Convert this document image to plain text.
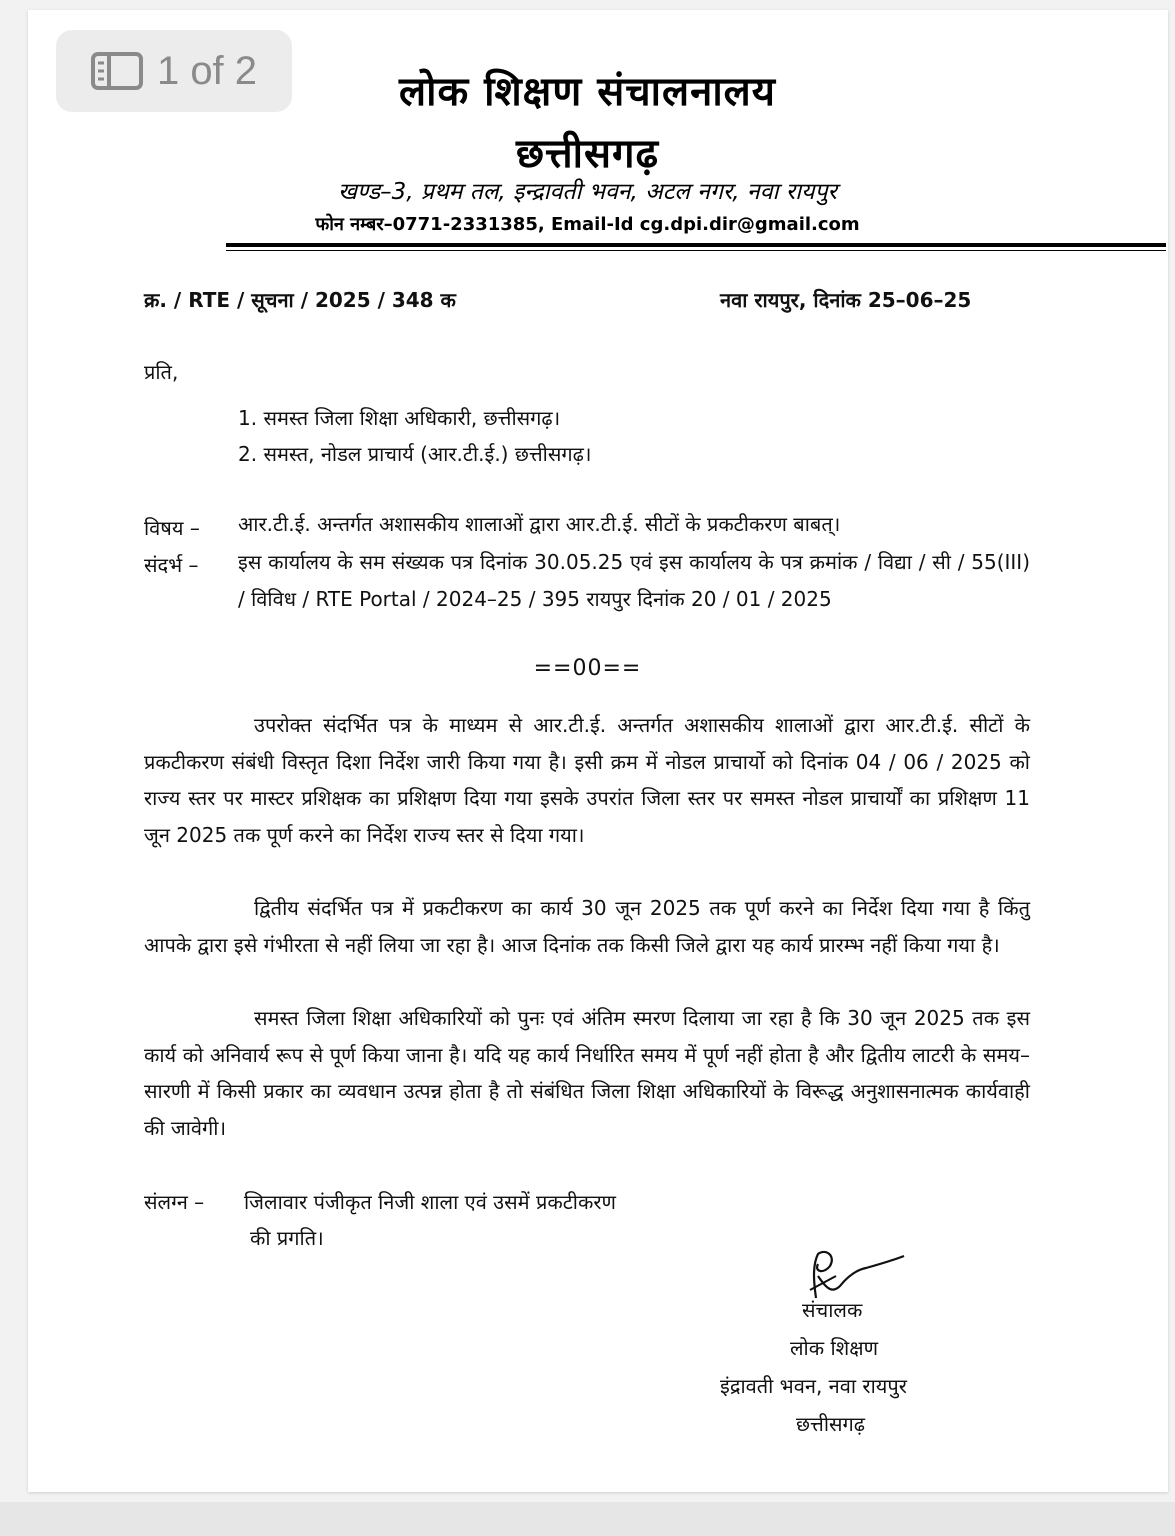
1 of 2	लोक शिक्षण संचालनालय
छत्तीसगढ़
खण्ड–3, प्रथम तल, इन्द्रावती भवन, अटल नगर, नवा रायपुर
फोन नम्बर–0771-2331385, Email-Id cg.dpi.dir@gmail.com
क्र. / RTE / सूचना / 2025 / 348 क	नवा रायपुर, दिनांक 25–06–25
प्रति,
1. समस्त जिला शिक्षा अधिकारी, छत्तीसगढ़।
2. समस्त, नोडल प्राचार्य (आर.टी.ई.) छत्तीसगढ़।
विषय – आर.टी.ई. अन्तर्गत अशासकीय शालाओं द्वारा आर.टी.ई. सीटों के प्रकटीकरण बाबत्।
संदर्भ – इस कार्यालय के सम संख्यक पत्र दिनांक 30.05.25 एवं इस कार्यालय के पत्र क्रमांक / विद्या / सी / 55(III) / विविध / RTE Portal / 2024–25 / 395 रायपुर दिनांक 20 / 01 / 2025
==00==
उपरोक्त संदर्भित पत्र के माध्यम से आर.टी.ई. अन्तर्गत अशासकीय शालाओं द्वारा आर.टी.ई. सीटों के प्रकटीकरण संबंधी विस्तृत दिशा निर्देश जारी किया गया है। इसी क्रम में नोडल प्राचार्यो को दिनांक 04 / 06 / 2025 को राज्य स्तर पर मास्टर प्रशिक्षक का प्रशिक्षण दिया गया इसके उपरांत जिला स्तर पर समस्त नोडल प्राचार्यों का प्रशिक्षण 11 जून 2025 तक पूर्ण करने का निर्देश राज्य स्तर से दिया गया।
द्वितीय संदर्भित पत्र में प्रकटीकरण का कार्य 30 जून 2025 तक पूर्ण करने का निर्देश दिया गया है किंतु आपके द्वारा इसे गंभीरता से नहीं लिया जा रहा है। आज दिनांक तक किसी जिले द्वारा यह कार्य प्रारम्भ नहीं किया गया है।
समस्त जिला शिक्षा अधिकारियों को पुनः एवं अंतिम स्मरण दिलाया जा रहा है कि 30 जून 2025 तक इस कार्य को अनिवार्य रूप से पूर्ण किया जाना है। यदि यह कार्य निर्धारित समय में पूर्ण नहीं होता है और द्वितीय लाटरी के समय–सारणी में किसी प्रकार का व्यवधान उत्पन्न होता है तो संबंधित जिला शिक्षा अधिकारियों के विरूद्ध अनुशासनात्मक कार्यवाही की जावेगी।
संलग्न – जिलावार पंजीकृत निजी शाला एवं उसमें प्रकटीकरण
की प्रगति।
संचालक
लोक शिक्षण
इंद्रावती भवन, नवा रायपुर
छत्तीसगढ़
